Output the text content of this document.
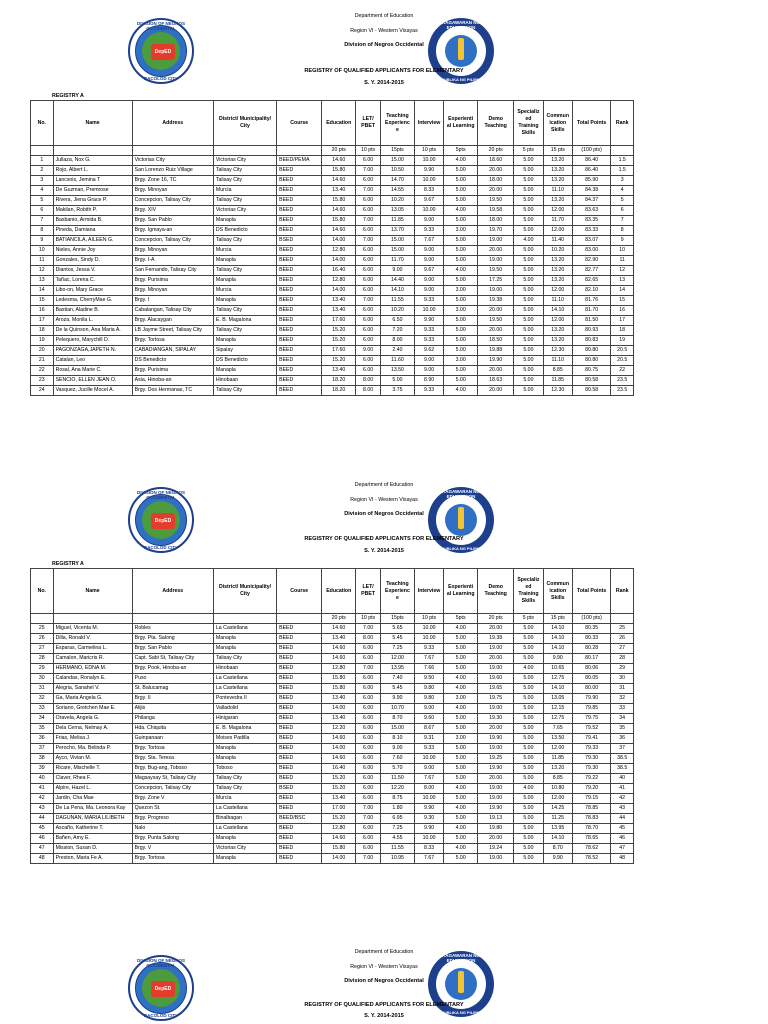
Department of Education
Region VI - Western Visayas
Division of Negros Occidental
DepED
DIVISION OF NEGROS OCCIDENTAL
BACOLOD CITY
KAGAWARAN NG EDUKASYON
REPUBLIKA NG PILIPINAS
REGISTRY OF QUALIFIED APPLICANTS FOR ELEMENTARY
S. Y. 2014-2015
REGISTRY A
No.	Name	Address	District/ Municipality/ City	Course	Education	LET/ PBET	Teaching Experienc e	Interview	Experienti al Learning	Demo Teaching	Specializ ed Training Skills	Commun ication Skills	Total Points	Rank
					20 pts	10 pts	15pts	10 pts	5pts	20 pts	5 pts	15 pts	(100 pts)	
1	Jullaza, Nox G.	Victorias City	Victorias City	BEED/PEMA	14.60	6.00	15.00	10.00	4.00	18.60	5.00	13.20	86.40	1.5
2	Rojo, Albert L.	San Lorenzo Ruiz Village	Talisay City	BEED	15.80	7.00	10.50	9.90	5.00	20.00	5.00	13.20	86.40	1.5
3	Lancsnis, Jemina T	Brgy. Zone 16, TC	Talisay City	BEED	14.60	6.00	14.70	10.00	5.00	18.00	5.00	13.20	85.90	3
4	De Guzman, Premrose	Brgy. Minoyan	Murcia	BEED	13.40	7.00	14.55	8.33	5.00	20.00	5.00	11.10	84.38	4
5	Rivera, Jiena Grace P.	Concepcion, Talisay City	Talisay City	BEED	15.80	6.00	10.20	9.67	5.00	19.50	5.00	13.20	84.37	5
6	Makilan, Robith P.	Brgy. XIV	Victorias City	BEED	14.60	6.00	13.05	10.00	4.00	19.58	5.00	12.00	83.63	6
7	Basbanio, Armida B.	Brgy. San Pablo	Manapla	BEED	15.80	7.00	11.85	9.00	5.00	18.00	5.00	11.70	83.35	7
8	Pineda, Damiana	Brgy. Igmaya-an	DS Benedicto	BEED	14.60	6.00	13.70	9.33	3.00	19.70	5.00	12.00	83.33	8
9	BATIANCILA, AILEEN G.	Concepcion, Talisay City	Talisay City	BSED	14.00	7.00	15.00	7.67	5.00	19.00	4.00	11.40	83.07	9
10	Nieles, Annie Joy	Brgy. Minoyan	Murcia	BEED	12.80	6.00	15.00	9.00	5.00	20.00	5.00	10.20	83.00	10
11	Gonzales, Sindy D.	Brgy. I-A	Manapla	BEED	14.00	6.00	11.70	9.00	5.00	19.00	5.00	13.20	82.90	11
12	Diantos, Jessa V.	San Fernando, Talisay City	Talisay City	BEED	16.40	6.00	9.00	9.67	4.00	19.50	5.00	13.20	82.77	12
13	Tañac, Lorena C.	Brgy. Purisima	Manapla	BEED	12.80	6.00	14.40	9.00	5.00	17.25	5.00	13.20	82.65	13
14	Libo-on, Mary Grace	Brgy. Minoyan	Murcia	BEED	14.00	6.00	14.10	9.00	3.00	19.00	5.00	12.00	82.10	14
15	Ledesma, CherryMae G.	Brgy. I	Manapla	BEED	13.40	7.00	11.55	9.33	5.00	19.38	5.00	11.10	81.76	15
16	Bastian, Aladine B.	Cabalangan, Talisay City	Talisay City	BEED	13.40	6.00	10.20	10.00	3.00	20.00	5.00	14.10	81.70	16
17	Aroza, Monila L.	Brgy. Alacaygan	E. B. Magalona	BEED	17.60	6.00	6.50	9.90	5.00	19.50	5.00	12.00	81.50	17
18	De la Quinson, Ana Maria A.	LB Jayme Street, Talisay City	Talisay City	BEED	15.20	6.00	7.20	9.33	5.00	20.00	5.00	13.20	80.93	18
19	Pelequero, Marychill D.	Brgy. Tortosa	Manapla	BEED	15.20	6.00	8.00	9.33	5.00	18.50	5.00	13.20	80.83	19
20	PAGONZAGA,JAPETH N.	CABADIANGAN, SIPALAY	Sipalay	BEED	17.60	9.00	2.40	9.62	5.00	19.88	5.00	12.30	80.80	20.5
21	Catalan, Leo	DS Benedicto	DS Benedicto	BEED	15.20	6.00	11.60	9.00	3.00	19.90	5.00	11.10	80.80	20.5
22	Rosal, Ana Marie C.	Brgy. Purisima	Manapla	BEED	13.40	6.00	13.50	9.00	5.00	20.00	5.00	8.85	80.75	22
23	SENCIO, ELLEN JEAN O.	Asia, Hinoba-an	Hinobaan	BEED	18.20	8.00	5.00	8.90	5.00	18.63	5.00	11.85	80.58	23.5
24	Vasquez, Jucille Mocel A.	Brgy. Dos Hermanas, TC	Talisay City	BEED	18.20	8.00	3.75	9.33	4.00	20.00	5.00	12.30	80.58	23.5
Department of Education
Region VI - Western Visayas
Division of Negros Occidental
DepED
DIVISION OF NEGROS OCCIDENTAL
BACOLOD CITY
KAGAWARAN NG EDUKASYON
REPUBLIKA NG PILIPINAS
REGISTRY OF QUALIFIED APPLICANTS FOR ELEMENTARY
S. Y. 2014-2015
REGISTRY A
No.	Name	Address	District/ Municipality/ City	Course	Education	LET/ PBET	Teaching Experienc e	Interview	Experienti al Learning	Demo Teaching	Specializ ed Training Skills	Commun ication Skills	Total Points	Rank
					20 pts	10 pts	15pts	10 pts	5pts	20 pts	5 pts	15 pts	(100 pts)	
25	Miguel, Vicenta M.	Robles	La Castellana	BEED	14.60	7.00	5.65	10.00	4.00	20.00	5.00	14.10	80.35	25
26	Dilla, Ronald V.	Brgy. Pta. Salong	Manapla	BEED	13.40	8.00	5.45	10.00	5.00	19.38	5.00	14.10	80.33	26
27	Esparas, Carmelina L.	Brgy. San Pablo	Manapla	BEED	14.60	6.00	7.25	9.33	5.00	19.00	5.00	14.10	80.28	27
28	Camalon, Maricris R.	Capt. Sabi St, Talisay City	Talisay City	BEED	14.60	6.00	12.00	7.67	5.00	20.00	5.00	9.90	80.17	28
29	HERMANO, EDNA M.	Brgy. Pook, Hinoba-an	Hinobaan	BEED	12.80	7.00	13.95	7.66	5.00	19.00	4.00	10.65	80.06	29
30	Calandas, Ronalyn E.	Puso	La Castellana	BEED	15.80	6.00	7.40	9.50	4.00	19.60	5.00	12.75	80.05	30
31	Alegria, Sanahel V.	St. Balucamag	La Castellana	BEED	15.80	6.00	5.45	9.80	4.00	19.65	5.00	14.10	80.00	31
32	Ga, Maria Angela G.	Brgy. II	Pontevedra II	BEED	13.40	6.00	9.90	9.80	3.00	19.75	5.00	13.05	79.90	32
33	Soriano, Gretchen Mae E.	Alijis	Valladolid	BEED	14.00	6.00	10.70	9.00	4.00	19.00	5.00	12.15	79.85	33
34	Oravela, Angela G.	Philanga	Hinigaran	BEED	13.40	6.00	8.70	9.60	5.00	19.30	5.00	12.75	79.75	34
35	Dela Cerna, Nelmay A.	Hda. Chiquita	E. B. Magalona	BEED	12.20	6.00	15.00	8.67	5.00	20.00	5.00	7.65	79.52	35
36	Frias, Melisa J.	Guinpanaan	Moises Padilla	BEED	14.60	6.00	8.10	9.31	3.00	19.90	5.00	13.50	79.41	36
37	Perocho, Ma. Belinda P.	Brgy. Tortosa	Manapla	BEED	14.00	6.00	9.00	9.33	5.00	19.00	5.00	12.00	79.33	37
38	Ayco, Vivian M.	Brgy. Sta. Teresa	Manapla	BEED	14.60	6.00	7.60	10.00	5.00	19.25	5.00	11.85	79.30	38.5
39	Ricare, Mischelle T.	Brgy. Bug-ang, Toboso	Toboso	BEED	16.40	6.00	5.70	9.00	5.00	19.90	5.00	13.20	79.30	38.5
40	Claver, Rhea F.	Magsaysay St, Talisay City	Talisay City	BEED	15.20	6.00	11.50	7.67	5.00	20.00	5.00	8.85	79.22	40
41	Alpire, Hazel L.	Concepcion, Talisay City	Talisay City	BSED	15.20	6.00	12.20	8.00	4.00	19.00	4.00	10.80	79.20	41
42	Jardin, Cha Mae	Brgy. Zone V	Murcia	BEED	13.40	6.00	8.75	10.00	5.00	19.00	5.00	12.00	79.15	42
43	De La Pena, Ma. Leonora Kay	Quezon St.	La Castellana	BEED	17.00	7.00	1.80	9.90	4.00	19.90	5.00	14.25	78.85	43
44	DAGUNAN, MARIA LILIBETH	Brgy. Progreso	Binalbagan	BEED/BSC	15.20	7.00	6.95	9.30	5.00	19.13	5.00	11.25	78.83	44
45	Ascaño, Katherine T.	Nalo	La Castellana	BEED	12.80	6.00	7.25	9.90	4.00	19.80	5.00	13.95	78.70	45
46	Bañen, Amy E.	Brgy. Punta Salong	Manapla	BEED	14.60	6.00	4.55	10.00	5.00	20.00	5.00	14.10	78.65	46
47	Mission, Susan D.	Brgy. V	Victorias City	BEED	15.80	6.00	11.55	8.33	4.00	19.24	5.00	8.70	78.62	47
48	Preston, Maria Fe A.	Brgy. Tortosa	Manapla	BEED	14.00	7.00	10.95	7.67	5.00	19.00	5.00	9.90	78.52	48
Department of Education
Region VI - Western Visayas
Division of Negros Occidental
DepED
DIVISION OF NEGROS OCCIDENTAL
BACOLOD CITY
KAGAWARAN NG EDUKASYON
REPUBLIKA NG PILIPINAS
REGISTRY OF QUALIFIED APPLICANTS FOR ELEMENTARY
S. Y. 2014-2015
